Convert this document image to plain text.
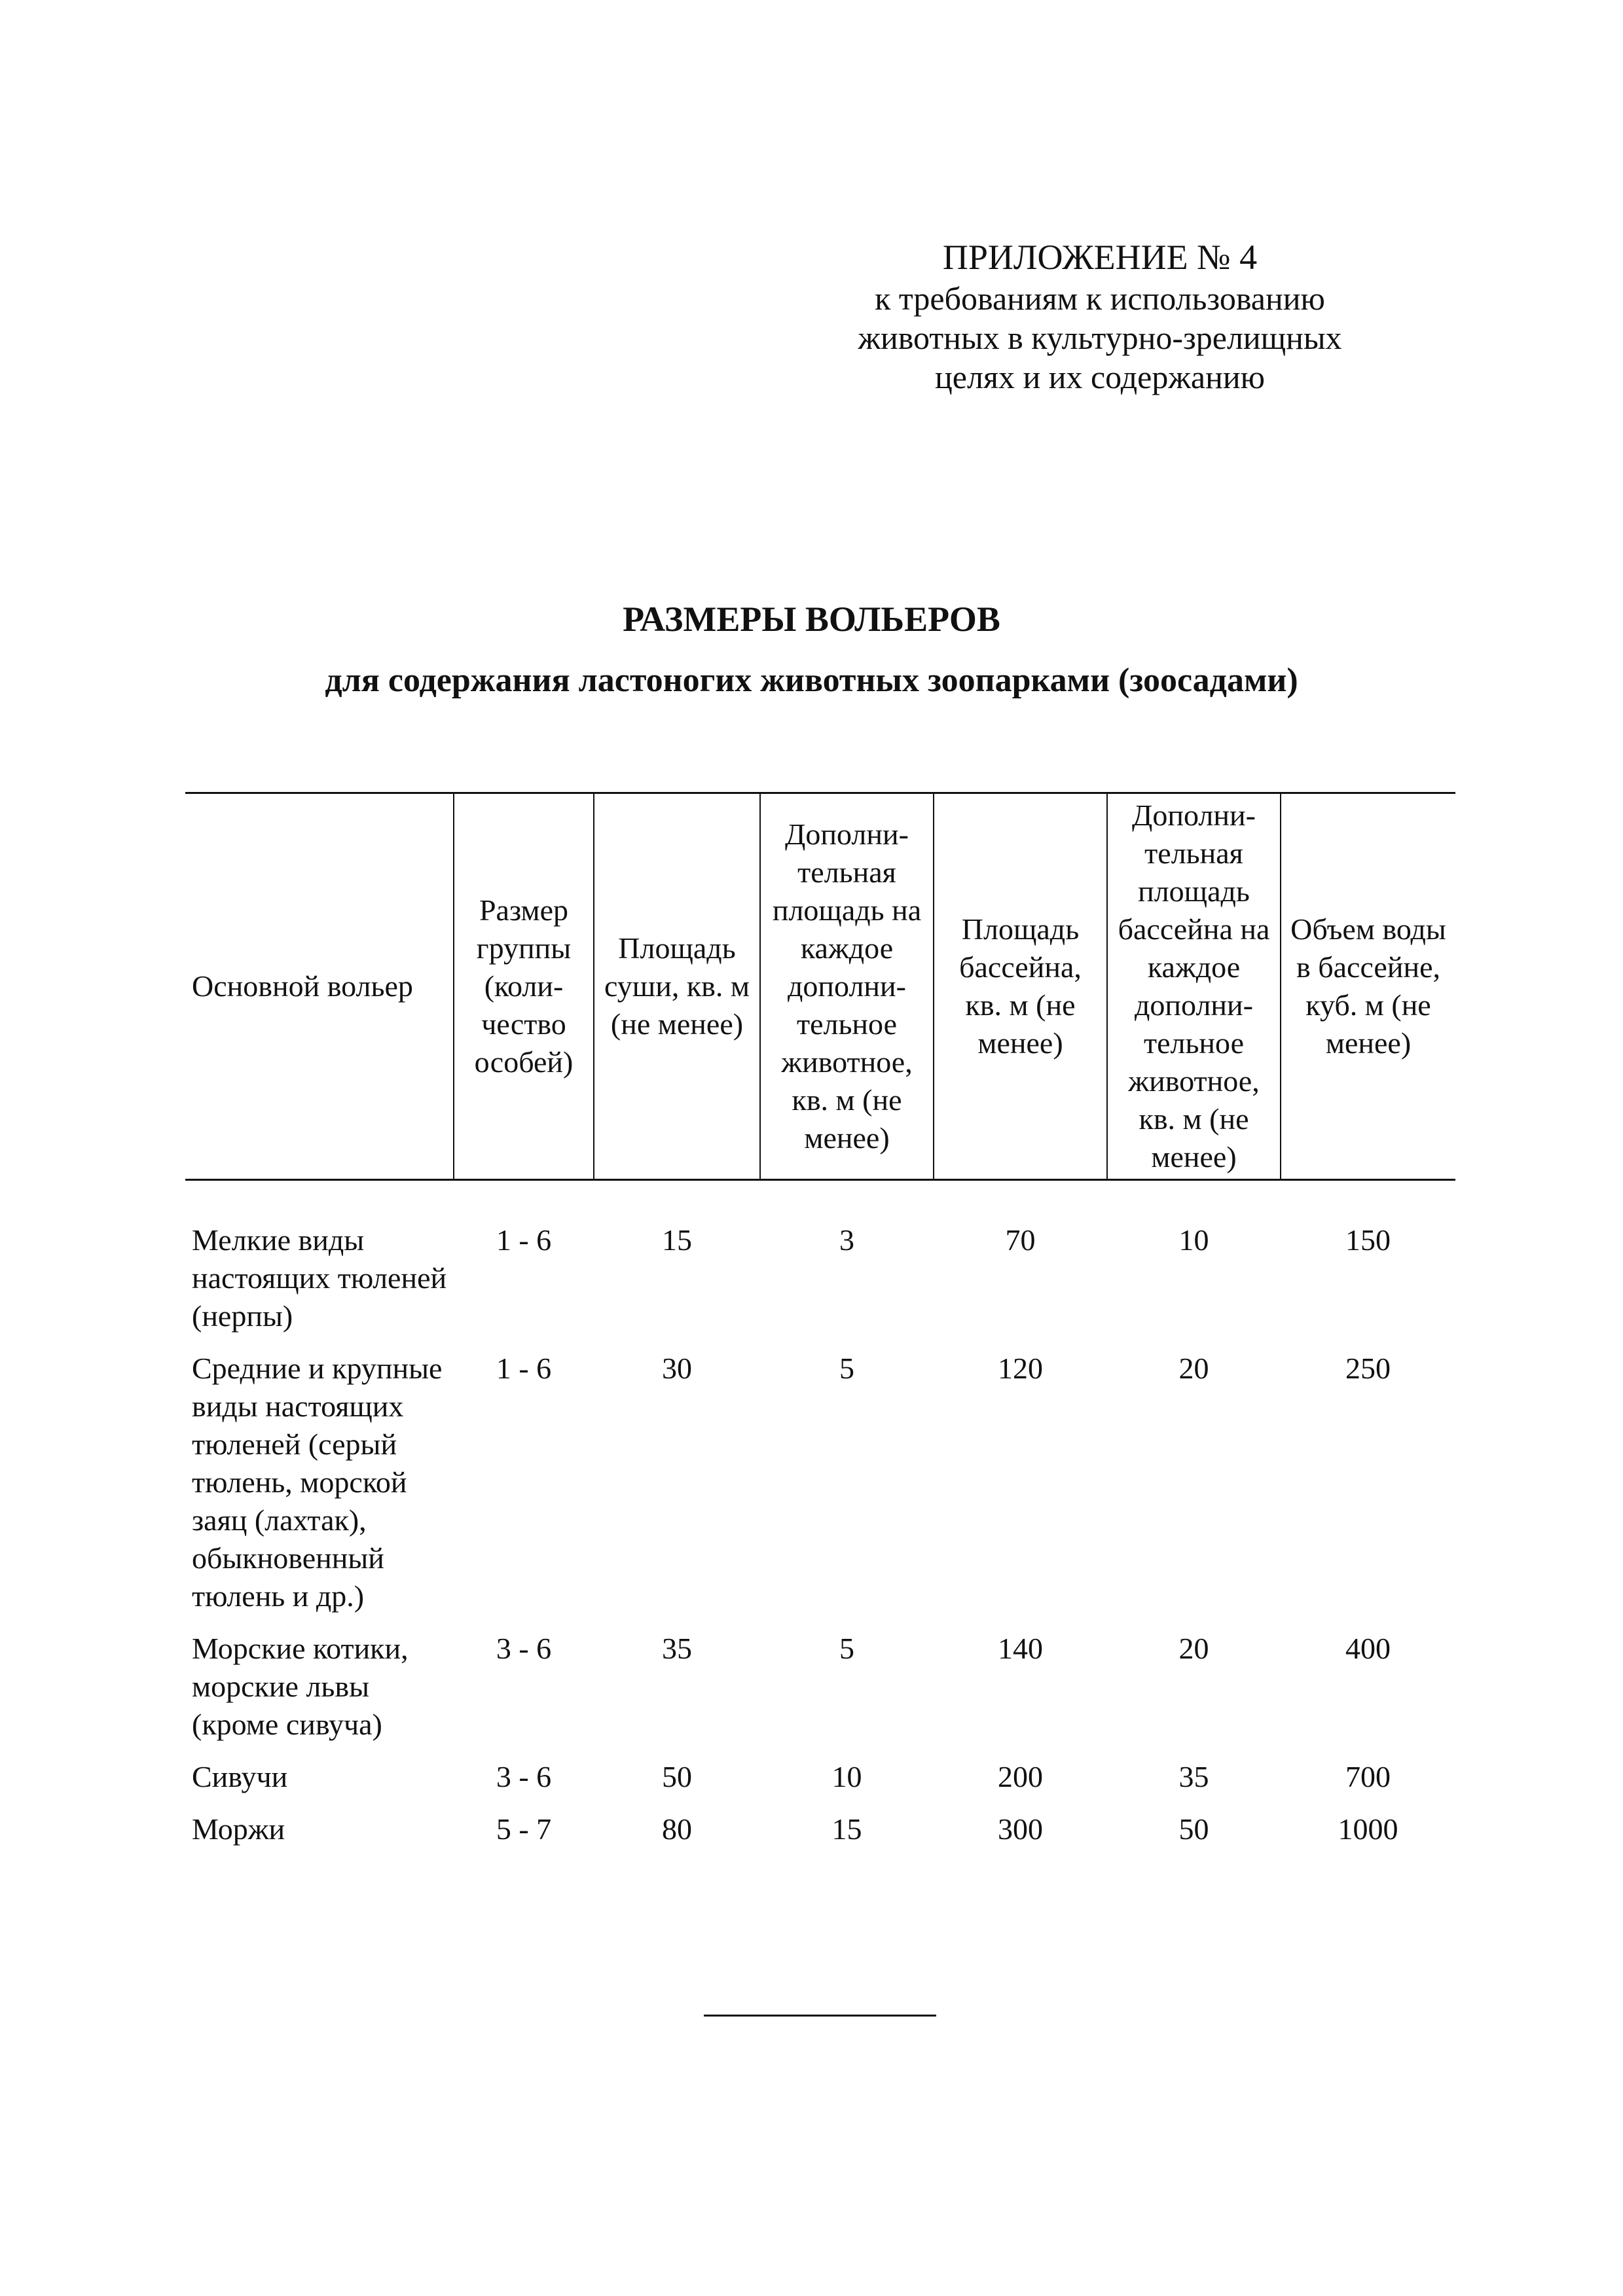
ПРИЛОЖЕНИЕ № 4
к требованиям к использованию
животных в культурно-зрелищных
целях и их содержанию
РАЗМЕРЫ ВОЛЬЕРОВ
для содержания ластоногих животных зоопарками (зоосадами)
Основной вольер	Размер группы (коли-чество особей)	Площадь суши, кв. м (не менее)	Дополни-тельная площадь на каждое дополни-тельное животное, кв. м (не менее)	Площадь бассейна, кв. м (не менее)	Дополни-тельная площадь бассейна на каждое дополни-тельное животное, кв. м (не менее)	Объем воды в бассейне, куб. м (не менее)
Мелкие виды настоящих тюленей (нерпы)	1 - 6	15	3	70	10	150
Средние и крупные виды настоящих тюленей (серый тюлень, морской заяц (лахтак), обыкновенный тюлень и др.)	1 - 6	30	5	120	20	250
Морские котики, морские львы (кроме сивуча)	3 - 6	35	5	140	20	400
Сивучи	3 - 6	50	10	200	35	700
Моржи	5 - 7	80	15	300	50	1000
